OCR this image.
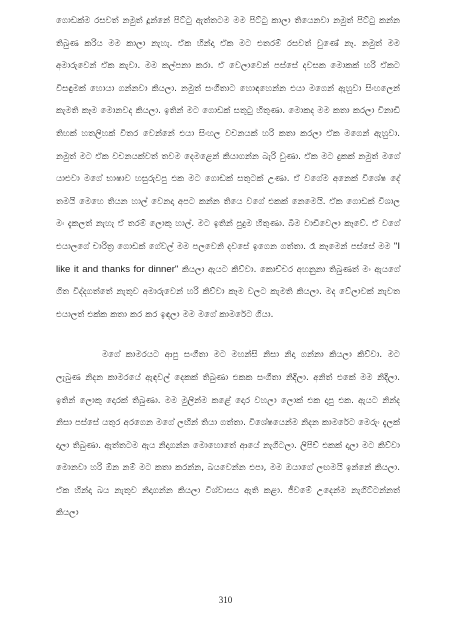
ගොඩක්ම රසවත් නමුත් දූන්නේ පිට්ටු ඇත්තටම මම පිට්ටු කාලා තියෙනවා නමුත් පිට්ටු කන්න තිබුණ කරිය මම කාලා නැහැ. ඒක හින්දා ඒක මට එතරම් රසවත් වුණේ නෑ. නමුත් මම අමාරුවෙන් ඒක කැවා. මම කල්පනා කරා. ඒ වෙලාවෙන් පස්සේ දවසක මොකක් හරි ඒකට විසඳුමක් හොයා ගන්නවා කියලා. නමුත් සංගීතාට හොඳහෙන්න එයා මගෙන් ඇහුවා සිංහලෙන් කැමති කෑම මොනවද කියලා. ඉතින් මට ගොඩක් සතුටු හිතුණා. මොකද මම කතා කරලා විනාඩි තිහක් හතලිහක් විතර වෙන්නේ එයා සිංහල වචනයක් හරි කතා කරලා ඒක මගෙන් ඇහුවා. නමුත් මට ඒක වචනයක්වත් තවම දෙමළෙන් කියාගන්න බැරි වුණා. ඒක මට දුකක් නමුත් මගේ යාළුවා මගේ භාෂාව හසුරුවපු එක මට ගොඩක් සතුටක් උණා. ඒ වගේම අනෙක් විශේෂ දේ තමයි මෙහෙ තියන හාල් වෙනදා අපට කන්න තියෙ වගේ එකක් නෙමෙයි. ඒක ගොඩක් විශාල මං දැකලත් නැහැ ඒ තරම් ලොකු හාල්. මට ඉතින් පුදුම හිතුණා. බීම වාඩිවෙලා කෑවේ. ඒ වගේ එයාලගේ චාරිත්‍ර ගොඩක් ගේවල් මම පලවෙනි දවසේ ඉගෙන ගත්තා. රෑ කෑමෙන් පස්සේ මම "I like it and thanks for dinner" කියලා ඇයට කිව්වා. කොච්චර අහනුනා තිබුණත් මං ඇයගේ ගිත විද්දගත්තේ නැතුව අමාරුවෙන් හරි කිව්වා කෑම වලට කැමති කියලා. මද වේලාවක් නැවත එයාලත් එක්ක කතා කර කර ඉඳලා මම මගේ කාමරේට ගියා.

මගේ කාමරයට ආපු සංගීතා මට මහන්සි නිසා නිදා ගන්නා කියලා කිව්වා. මට ලැබුණ නිදන කාමරයේ ඇඳවල් දෙකක් තිබුණා එකක සංගීතා නිදිලා. අනිත් එකේ මම නිදිලා. ඉතින් ලොකු දොරක් තිබුණා. මම මුලින්ම කළේ දොර වහලා ලොක් එක දාපු එක. ඇයට නින්ද නිසා පස්සේ යතුර අරගෙන මගේ ලඟින් තියා ගත්තා. විශේෂයෙන්ම නිදන කාමරේට මෙරුං දැලක් දාලා තිබුණා. ඇත්තටම ඇය නිදාගන්න මොහොතේ ආයේ නැගිටලා. ලිපිච් එකක් දාලා මට කිව්වා මොනවා හරි ඕන නම් මට කතා කරන්න, බයවෙන්න එපා, මම ඔයාගේ ලඟමයි ඉන්නේ කියලා. ඒක හින්දා බය නැතුව නිදාගන්න කියලා විශ්වාසය ඇති කළා. ජීවමේ උදෙන්ම නැගිට්ටන්නත් කියලා

310
